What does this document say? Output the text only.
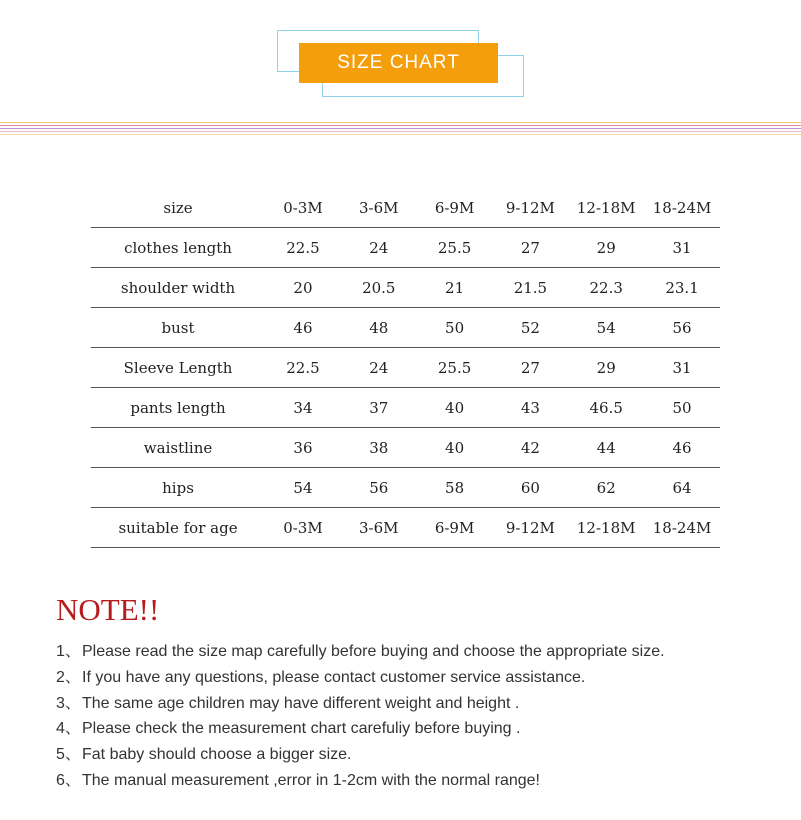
SIZE CHART
size	0-3M	3-6M	6-9M	9-12M	12-18M	18-24M
clothes length	22.5	24	25.5	27	29	31
shoulder width	20	20.5	21	21.5	22.3	23.1
bust	46	48	50	52	54	56
Sleeve Length	22.5	24	25.5	27	29	31
pants length	34	37	40	43	46.5	50
waistline	36	38	40	42	44	46
hips	54	56	58	60	62	64
suitable for age	0-3M	3-6M	6-9M	9-12M	12-18M	18-24M
NOTE!!
1、Please read the size map carefully before buying and choose the appropriate size.
2、If you have any questions, please contact customer service assistance.
3、The same age children may have different weight and height .
4、Please check the measurement chart carefuliy before buying .
5、Fat baby should choose a bigger size.
6、The manual measurement ,error in 1-2cm with the normal range!
